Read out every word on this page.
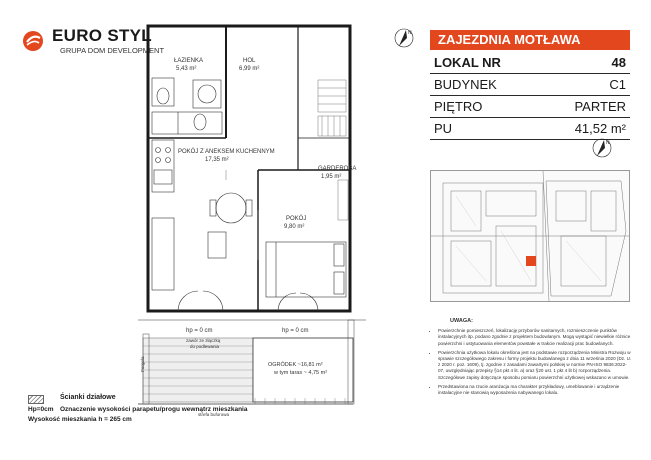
EURO STYL
GRUPA DOM DEVELOPMENT
ZAJEZDNIA MOTŁAWA
LOKAL NR	48
BUDYNEK	C1
PIĘTRO	PARTER
PU	41,52 m²
N
N
UWAGA:
• Powierzchnie pomieszczeń, lokalizację przyborów sanitarnych, rozmieszczenie punktów instalacyjnych itp. podano zgodnie z projektem budowlanym. Mogą wystąpić niewielkie różnice powierzchni i ustytuowania elementów powstałe w trakcie realizacji prac budowlanych.
• Powierzchnia użytkowa lokalu określona jest na podstawie rozporządzenia Ministra Rozwoju w sprawie szczegółowego zakresu i formy projektu budowlanego z dnia 11 września 2020 (Dz. U. z 2020 r. poz. 1609), tj. zgodnie z zasadami zawartymi polskiej w normie PN-ISO 9836:2022-07, uwzględniając przepisy §14 pkt 4 lit. a) oraz §20 ust. 1 pkt 4 lit b) rozporządzenia. Szczegółowe zapisy dotyczące sposobu pomiaru powierzchni użytkowej wskazano w umowie.
• Przedstawiona na rzucie aranżacja ma charakter przykładowy, umeblowanie i urządzenie instalacyjne nie stanowią wyposażenia nabywanego lokalu.
ŁAZIENKA
5,43 m²
HOL
6,99 m²
POKÓJ Z ANEKSEM KUCHENNYM
17,35 m²
GARDEROBA
1,95 m²
POKÓJ
9,80 m²
hp = 0 cm	hp = 0 cm
zawór ze złączką
do podlewania
OGRÓDEK ~16,81 m²
w tym taras ~ 4,75 m²
strefa buforowa
Pergola
Ścianki działowe
Hp=0cm Oznaczenie wysokości parapetu/progu wewnątrz mieszkania
Wysokość mieszkania h = 265 cm
